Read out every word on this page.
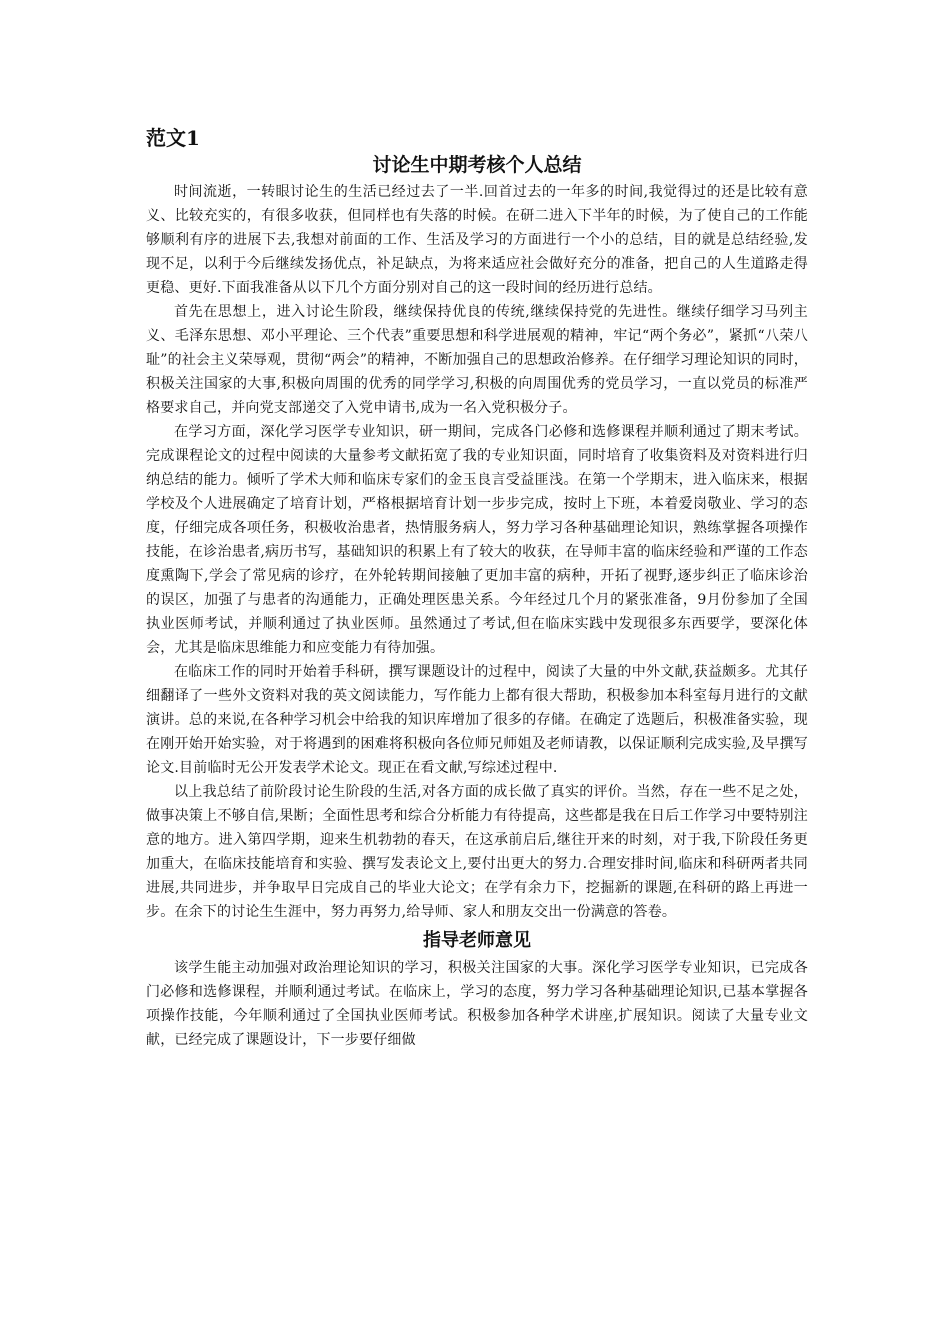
范文1

讨论生中期考核个人总结

时间流逝，一转眼讨论生的生活已经过去了一半.回首过去的一年多的时间,我觉得过的还是比较有意义、比较充实的，有很多收获，但同样也有失落的时候。在研二进入下半年的时候，为了使自己的工作能够顺利有序的进展下去,我想对前面的工作、生活及学习的方面进行一个小的总结，目的就是总结经验,发现不足，以利于今后继续发扬优点，补足缺点，为将来适应社会做好充分的准备，把自己的人生道路走得更稳、更好.下面我准备从以下几个方面分别对自己的这一段时间的经历进行总结。

首先在思想上，进入讨论生阶段，继续保持优良的传统,继续保持党的先进性。继续仔细学习马列主义、毛泽东思想、邓小平理论、三个代表”重要思想和科学进展观的精神，牢记“两个务必”，紧抓“八荣八耻”的社会主义荣辱观，贯彻“两会”的精神，不断加强自己的思想政治修养。在仔细学习理论知识的同时，积极关注国家的大事,积极向周围的优秀的同学学习,积极的向周围优秀的党员学习，一直以党员的标准严格要求自己，并向党支部递交了入党申请书,成为一名入党积极分子。

在学习方面，深化学习医学专业知识，研一期间，完成各门必修和选修课程并顺利通过了期末考试。完成课程论文的过程中阅读的大量参考文献拓宽了我的专业知识面，同时培育了收集资料及对资料进行归纳总结的能力。倾听了学术大师和临床专家们的金玉良言受益匪浅。在第一个学期末，进入临床来，根据学校及个人进展确定了培育计划，严格根据培育计划一步步完成，按时上下班，本着爱岗敬业、学习的态度，仔细完成各项任务，积极收治患者，热情服务病人，努力学习各种基础理论知识，熟练掌握各项操作技能，在诊治患者,病历书写，基础知识的积累上有了较大的收获，在导师丰富的临床经验和严谨的工作态度熏陶下,学会了常见病的诊疗，在外轮转期间接触了更加丰富的病种，开拓了视野,逐步纠正了临床诊治的误区，加强了与患者的沟通能力，正确处理医患关系。今年经过几个月的紧张准备，9月份参加了全国执业医师考试，并顺利通过了执业医师。虽然通过了考试,但在临床实践中发现很多东西要学，要深化体会，尤其是临床思维能力和应变能力有待加强。

在临床工作的同时开始着手科研，撰写课题设计的过程中，阅读了大量的中外文献,获益颇多。尤其仔细翻译了一些外文资料对我的英文阅读能力，写作能力上都有很大帮助，积极参加本科室每月进行的文献演讲。总的来说,在各种学习机会中给我的知识库增加了很多的存储。在确定了选题后，积极准备实验，现在刚开始开始实验，对于将遇到的困难将积极向各位师兄师姐及老师请教，以保证顺利完成实验,及早撰写论文.目前临时无公开发表学术论文。现正在看文献,写综述过程中.

以上我总结了前阶段讨论生阶段的生活,对各方面的成长做了真实的评价。当然，存在一些不足之处，做事决策上不够自信,果断；全面性思考和综合分析能力有待提高，这些都是我在日后工作学习中要特别注意的地方。进入第四学期，迎来生机勃勃的春天，在这承前启后,继往开来的时刻，对于我,下阶段任务更加重大，在临床技能培育和实验、撰写发表论文上,要付出更大的努力.合理安排时间,临床和科研两者共同进展,共同进步，并争取早日完成自己的毕业大论文；在学有余力下，挖掘新的课题,在科研的路上再进一步。在余下的讨论生生涯中，努力再努力,给导师、家人和朋友交出一份满意的答卷。

指导老师意见

该学生能主动加强对政治理论知识的学习，积极关注国家的大事。深化学习医学专业知识，已完成各门必修和选修课程，并顺利通过考试。在临床上，学习的态度，努力学习各种基础理论知识,已基本掌握各项操作技能，今年顺利通过了全国执业医师考试。积极参加各种学术讲座,扩展知识。阅读了大量专业文献，已经完成了课题设计，下一步要仔细做
